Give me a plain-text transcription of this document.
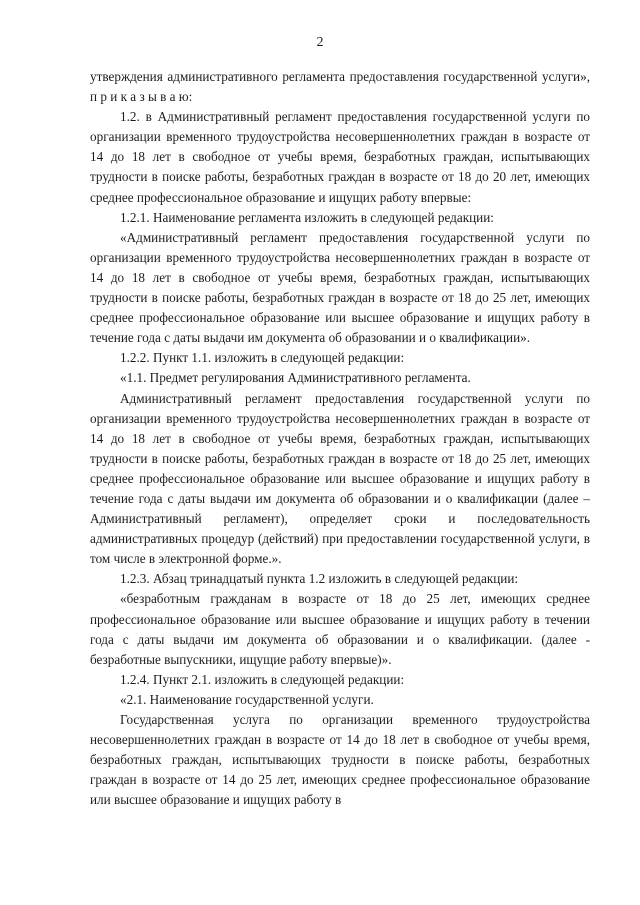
2

утверждения административного регламента предоставления государственной услуги», п р и к а з ы в а ю:

1.2. в Административный регламент предоставления государственной услуги по организации временного трудоустройства несовершеннолетних граждан в возрасте от 14 до 18 лет в свободное от учебы время, безработных граждан, испытывающих трудности в поиске работы, безработных граждан в возрасте от 18 до 20 лет, имеющих среднее профессиональное образование и ищущих работу впервые:

1.2.1. Наименование регламента изложить в следующей редакции:

«Административный регламент предоставления государственной услуги по организации временного трудоустройства несовершеннолетних граждан в возрасте от 14 до 18 лет в свободное от учебы время, безработных граждан, испытывающих трудности в поиске работы, безработных граждан в возрасте от 18 до 25 лет, имеющих среднее профессиональное образование или высшее образование и ищущих работу в течение года с даты выдачи им документа об образовании и о квалификации».

1.2.2. Пункт 1.1. изложить в следующей редакции:

«1.1. Предмет регулирования Административного регламента.

Административный регламент предоставления государственной услуги по организации временного трудоустройства несовершеннолетних граждан в возрасте от 14 до 18 лет в свободное от учебы время, безработных граждан, испытывающих трудности в поиске работы, безработных граждан в возрасте от 18 до 25 лет, имеющих среднее профессиональное образование или высшее образование и ищущих работу в течение года с даты выдачи им документа об образовании и о квалификации (далее – Административный регламент), определяет сроки и последовательность административных процедур (действий) при предоставлении государственной услуги, в том числе в электронной форме.».

1.2.3. Абзац тринадцатый пункта 1.2 изложить в следующей редакции:

«безработным гражданам в возрасте от 18 до 25 лет, имеющих среднее профессиональное образование или высшее образование и ищущих работу в течении года с даты выдачи им документа об образовании и о квалификации. (далее - безработные выпускники, ищущие работу впервые)».

1.2.4. Пункт 2.1. изложить в следующей редакции:

«2.1. Наименование государственной услуги.

Государственная услуга по организации временного трудоустройства несовершеннолетних граждан в возрасте от 14 до 18 лет в свободное от учебы время, безработных граждан, испытывающих трудности в поиске работы, безработных граждан в возрасте от 14 до 25 лет, имеющих среднее профессиональное образование или высшее образование и ищущих работу в
